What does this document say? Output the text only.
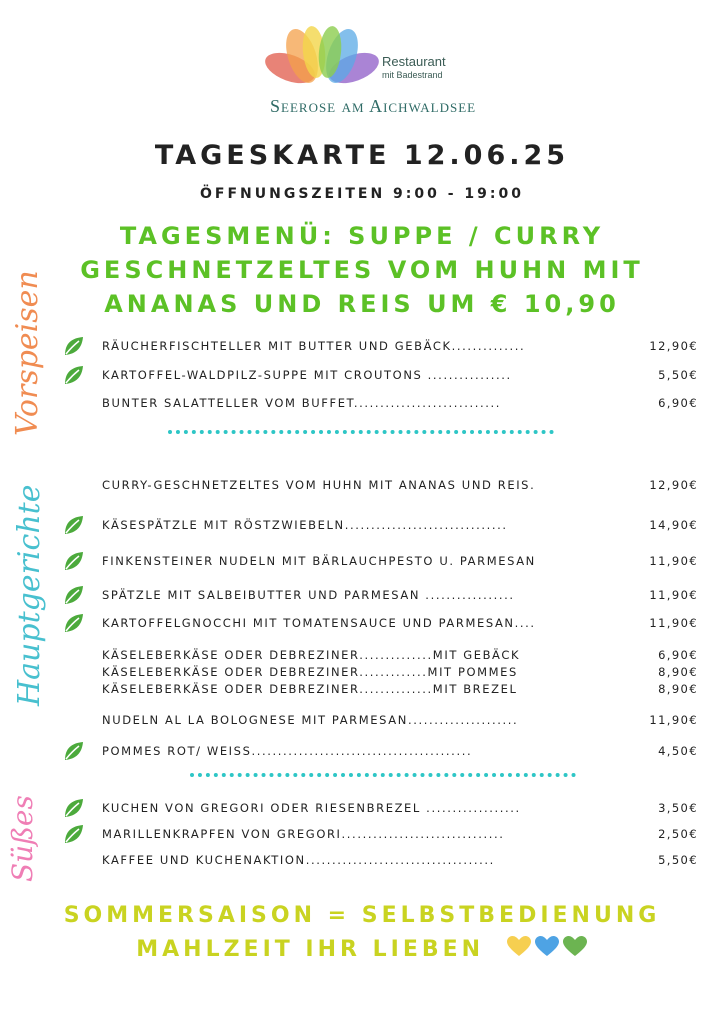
Restaurant
mit Badestrand
Seerose am Aichwaldsee
TAGESKARTE 12.06.25
ÖFFNUNGSZEITEN 9:00 - 19:00
TAGESMENÜ: SUPPE / CURRY
GESCHNETZELTES VOM HUHN MIT
ANANAS UND REIS UM € 10,90
Vorspeisen
Hauptgerichte
Süßes
RÄUCHERFISCHTELLER MIT BUTTER UND GEBÄCK..............	12,90€
KARTOFFEL-WALDPILZ-SUPPE MIT CROUTONS ................	5,50€
BUNTER SALATTELLER VOM BUFFET............................	6,90€
CURRY-GESCHNETZELTES VOM HUHN MIT ANANAS UND REIS.	12,90€
KÄSESPÄTZLE MIT RÖSTZWIEBELN...............................	14,90€
FINKENSTEINER NUDELN MIT BÄRLAUCHPESTO U. PARMESAN	11,90€
SPÄTZLE MIT SALBEIBUTTER UND PARMESAN .................	11,90€
KARTOFFELGNOCCHI MIT TOMATENSAUCE UND PARMESAN....	11,90€
KÄSELEBERKÄSE ODER DEBREZINER..............MIT GEBÄCK	6,90€
KÄSELEBERKÄSE ODER DEBREZINER.............MIT POMMES	8,90€
KÄSELEBERKÄSE ODER DEBREZINER..............MIT BREZEL	8,90€
NUDELN AL LA BOLOGNESE MIT PARMESAN.....................	11,90€
POMMES ROT/ WEISS..........................................	4,50€
KUCHEN VON GREGORI ODER RIESENBREZEL ..................	3,50€
MARILLENKRAPFEN VON GREGORI...............................	2,50€
KAFFEE UND KUCHENAKTION....................................	5,50€
SOMMERSAISON = SELBSTBEDIENUNG
MAHLZEIT IHR LIEBEN
